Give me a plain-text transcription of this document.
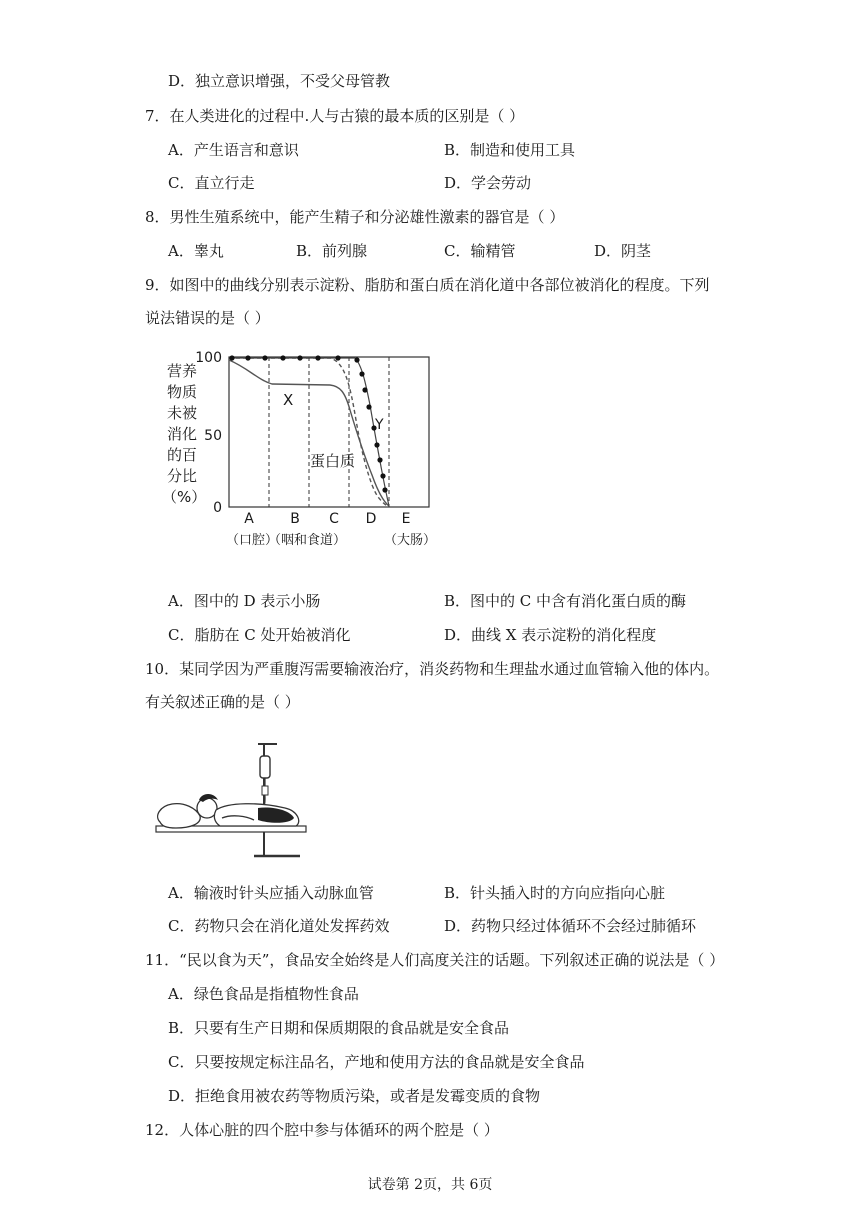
D．独立意识增强，不受父母管教
7．在人类进化的过程中.人与古猿的最本质的区别是（ ）
A．产生语言和意识	B．制造和使用工具
C．直立行走	D．学会劳动
8．男性生殖系统中，能产生精子和分泌雄性激素的器官是（ ）
A．睾丸	B．前列腺	C．输精管	D．阴茎
9．如图中的曲线分别表示淀粉、脂肪和蛋白质在消化道中各部位被消化的程度。下列
说法错误的是（ ）
营养
物质
未被
消化
的百
分比
（%）
100
50
0
X
Y
蛋白质
A	B C D E
（口腔）
（咽和食道）	（大肠）
A．图中的 D 表示小肠	B．图中的 C 中含有消化蛋白质的酶
C．脂肪在 C 处开始被消化	D．曲线 X 表示淀粉的消化程度
10．某同学因为严重腹泻需要输液治疗，消炎药物和生理盐水通过血管输入他的体内。
有关叙述正确的是（ ）
A．输液时针头应插入动脉血管	B．针头插入时的方向应指向心脏
C．药物只会在消化道处发挥药效	D．药物只经过体循环不会经过肺循环
11．“民以食为天”，食品安全始终是人们高度关注的话题。下列叙述正确的说法是（ ）
A．绿色食品是指植物性食品
B．只要有生产日期和保质期限的食品就是安全食品
C．只要按规定标注品名，产地和使用方法的食品就是安全食品
D．拒绝食用被农药等物质污染，或者是发霉变质的食物
12．人体心脏的四个腔中参与体循环的两个腔是（ ）
试卷第 2页，共 6页
